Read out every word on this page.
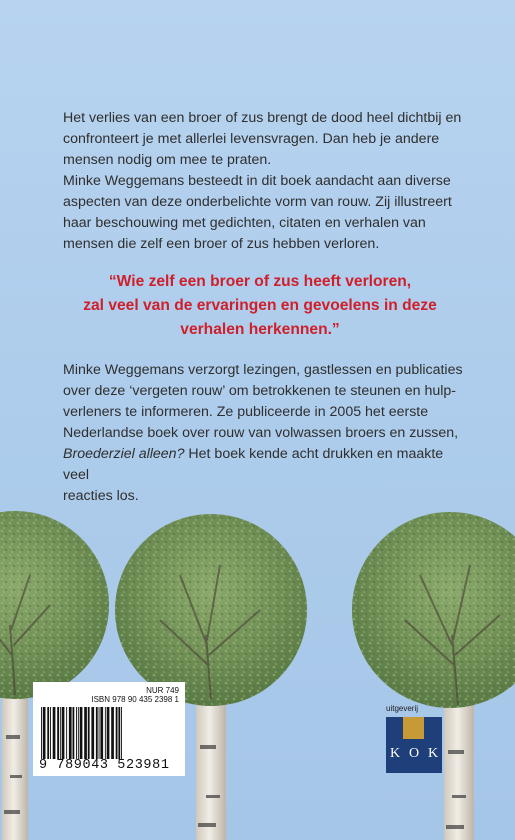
Het verlies van een broer of zus brengt de dood heel dichtbij en
confronteert je met allerlei levensvragen. Dan heb je andere
mensen nodig om mee te praten.
Minke Weggemans besteedt in dit boek aandacht aan diverse
aspecten van deze onderbelichte vorm van rouw. Zij illustreert
haar beschouwing met gedichten, citaten en verhalen van
mensen die zelf een broer of zus hebben verloren.
“Wie zelf een broer of zus heeft verloren,
zal veel van de ervaringen en gevoelens in deze
verhalen herkennen.”
Minke Weggemans verzorgt lezingen, gastlessen en publicaties
over deze ‘vergeten rouw’ om betrokkenen te steunen en hulp-
verleners te informeren. Ze publiceerde in 2005 het eerste
Nederlandse boek over rouw van volwassen broers en zussen,
Broederziel alleen? Het boek kende acht drukken en maakte veel
reacties los.
NUR 749
ISBN 978 90 435 2398 1
9 789043 523981
uitgeverij
K O K
